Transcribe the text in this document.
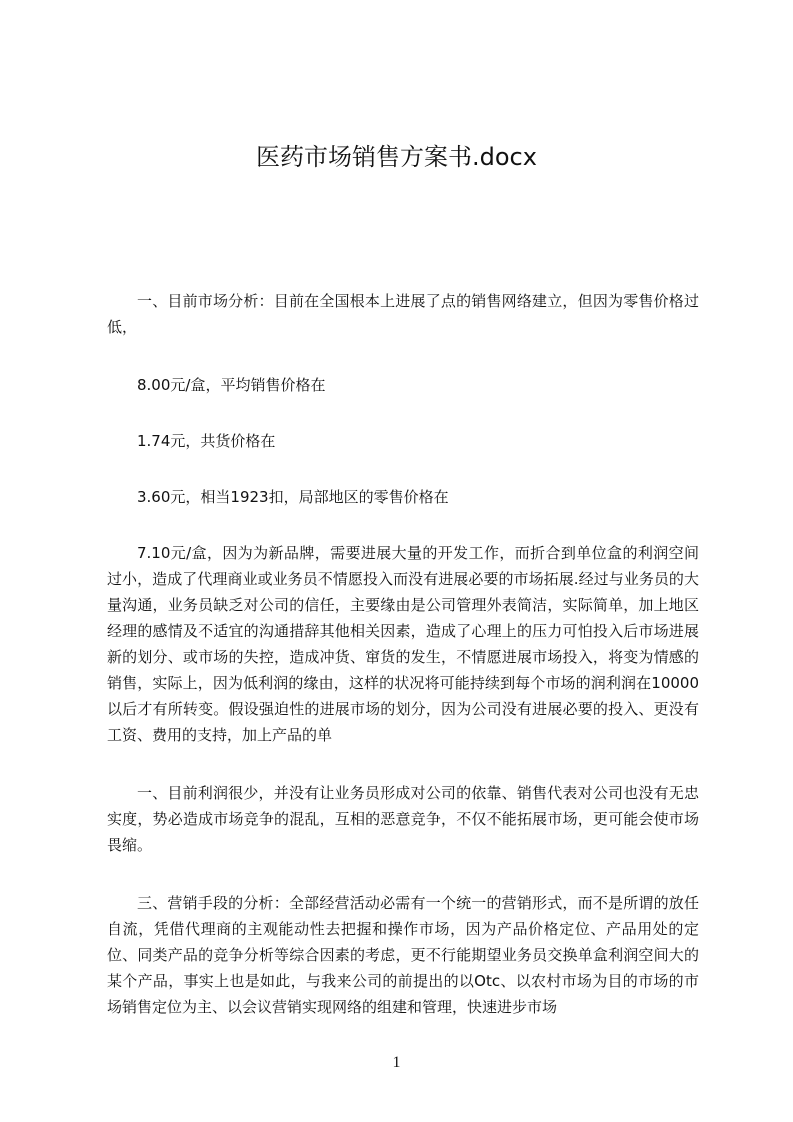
医药市场销售方案书.docx

一、目前市场分析：目前在全国根本上进展了点的销售网络建立，但因为零售价格过低，

8.00元/盒，平均销售价格在

1.74元，共货价格在

3.60元，相当1923扣，局部地区的零售价格在

7.10元/盒，因为为新品牌，需要进展大量的开发工作，而折合到单位盒的利润空间过小，造成了代理商业或业务员不情愿投入而没有进展必要的市场拓展.经过与业务员的大量沟通，业务员缺乏对公司的信任，主要缘由是公司管理外表简洁，实际简单，加上地区经理的感情及不适宜的沟通措辞其他相关因素，造成了心理上的压力可怕投入后市场进展新的划分、或市场的失控，造成冲货、窜货的发生，不情愿进展市场投入，将变为情感的销售，实际上，因为低利润的缘由，这样的状况将可能持续到每个市场的润利润在10000以后才有所转变。假设强迫性的进展市场的划分，因为公司没有进展必要的投入、更没有工资、费用的支持，加上产品的单

一、目前利润很少，并没有让业务员形成对公司的依靠、销售代表对公司也没有无忠实度，势必造成市场竞争的混乱，互相的恶意竞争，不仅不能拓展市场，更可能会使市场畏缩。

三、营销手段的分析：全部经营活动必需有一个统一的营销形式，而不是所谓的放任自流，凭借代理商的主观能动性去把握和操作市场，因为产品价格定位、产品用处的定位、同类产品的竞争分析等综合因素的考虑，更不行能期望业务员交换单盒利润空间大的某个产品，事实上也是如此，与我来公司的前提出的以Otc、以农村市场为目的市场的市场销售定位为主、以会议营销实现网络的组建和管理，快速进步市场

1
